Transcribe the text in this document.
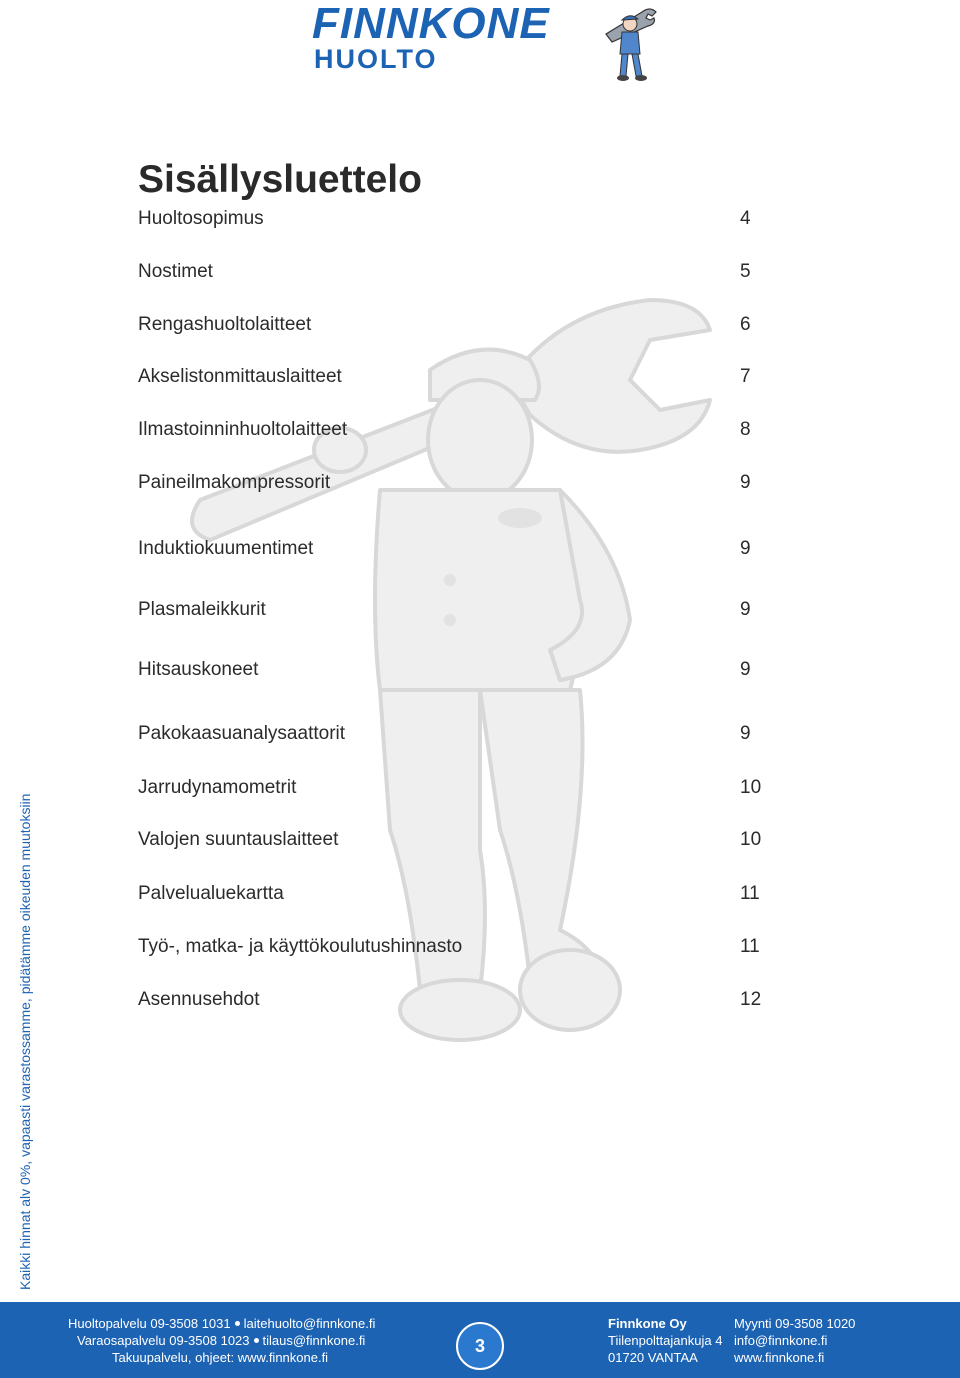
FINNKONE
HUOLTO
Sisällysluettelo
Huoltosopimus	4
Nostimet	5
Rengashuoltolaitteet	6
Akselistonmittauslaitteet	7
Ilmastoinninhuoltolaitteet	8
Paineilmakompressorit	9
Induktiokuumentimet	9
Plasmaleikkurit	9
Hitsauskoneet	9
Pakokaasuanalysaattorit	9
Jarrudynamometrit	10
Valojen suuntauslaitteet	10
Palvelualuekartta	11
Työ-, matka- ja käyttökoulutushinnasto	11
Asennusehdot	12
Kaikki hinnat alv 0%, vapaasti varastossamme, pidätämme oikeuden muutoksiin
Huoltopalvelu 09-3508 1031 laitehuolto@finnkone.fi
Varaosapalvelu 09-3508 1023 tilaus@finnkone.fi
Takuupalvelu, ohjeet: www.finnkone.fi
3
Finnkone Oy
Tiilenpolttajankuja 4
01720 VANTAA
Myynti 09-3508 1020
info@finnkone.fi
www.finnkone.fi
